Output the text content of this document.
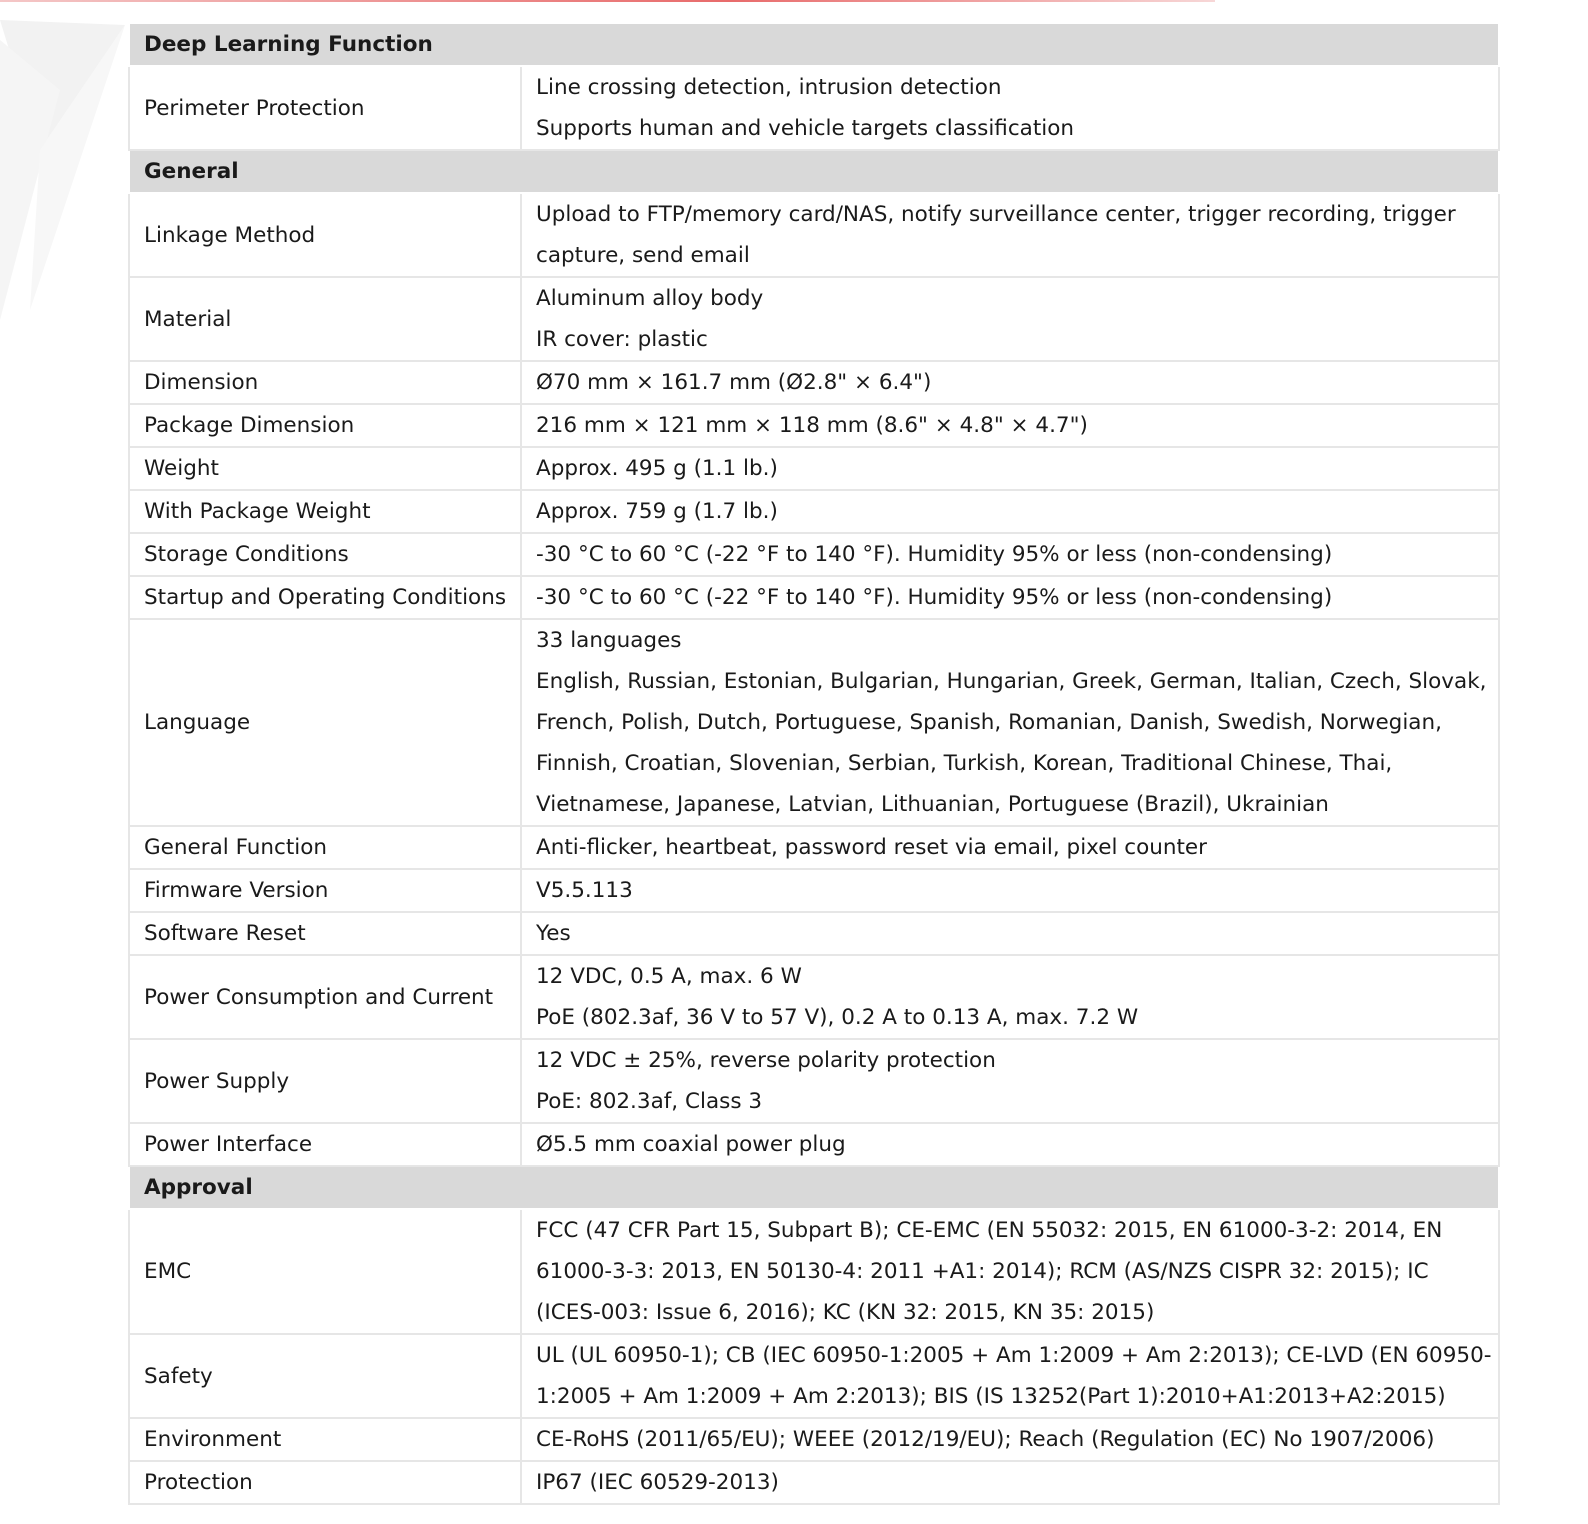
Deep Learning Function	

Perimeter Protection	Line crossing detection, intrusion detection
Supports human and vehicle targets classification

General	

Linkage Method	Upload to FTP/memory card/NAS, notify surveillance center, trigger recording, trigger
capture, send email

Material	Aluminum alloy body
IR cover: plastic

Dimension	Ø70 mm × 161.7 mm (Ø2.8" × 6.4")

Package Dimension	216 mm × 121 mm × 118 mm (8.6" × 4.8" × 4.7")

Weight	Approx. 495 g (1.1 lb.)

With Package Weight	Approx. 759 g (1.7 lb.)

Storage Conditions	-30 °C to 60 °C (-22 °F to 140 °F). Humidity 95% or less (non-condensing)

Startup and Operating Conditions	-30 °C to 60 °C (-22 °F to 140 °F). Humidity 95% or less (non-condensing)

Language	33 languages
English, Russian, Estonian, Bulgarian, Hungarian, Greek, German, Italian, Czech, Slovak,
French, Polish, Dutch, Portuguese, Spanish, Romanian, Danish, Swedish, Norwegian,
Finnish, Croatian, Slovenian, Serbian, Turkish, Korean, Traditional Chinese, Thai,
Vietnamese, Japanese, Latvian, Lithuanian, Portuguese (Brazil), Ukrainian

General Function	Anti-flicker, heartbeat, password reset via email, pixel counter

Firmware Version	V5.5.113

Software Reset	Yes

Power Consumption and Current	12 VDC, 0.5 A, max. 6 W
PoE (802.3af, 36 V to 57 V), 0.2 A to 0.13 A, max. 7.2 W

Power Supply	12 VDC ± 25%, reverse polarity protection
PoE: 802.3af, Class 3

Power Interface	Ø5.5 mm coaxial power plug

Approval	

EMC	FCC (47 CFR Part 15, Subpart B); CE-EMC (EN 55032: 2015, EN 61000-3-2: 2014, EN
61000-3-3: 2013, EN 50130-4: 2011 +A1: 2014); RCM (AS/NZS CISPR 32: 2015); IC
(ICES-003: Issue 6, 2016); KC (KN 32: 2015, KN 35: 2015)

Safety	UL (UL 60950-1); CB (IEC 60950-1:2005 + Am 1:2009 + Am 2:2013); CE-LVD (EN 60950-
1:2005 + Am 1:2009 + Am 2:2013); BIS (IS 13252(Part 1):2010+A1:2013+A2:2015)

Environment	CE-RoHS (2011/65/EU); WEEE (2012/19/EU); Reach (Regulation (EC) No 1907/2006)

Protection	IP67 (IEC 60529-2013)
